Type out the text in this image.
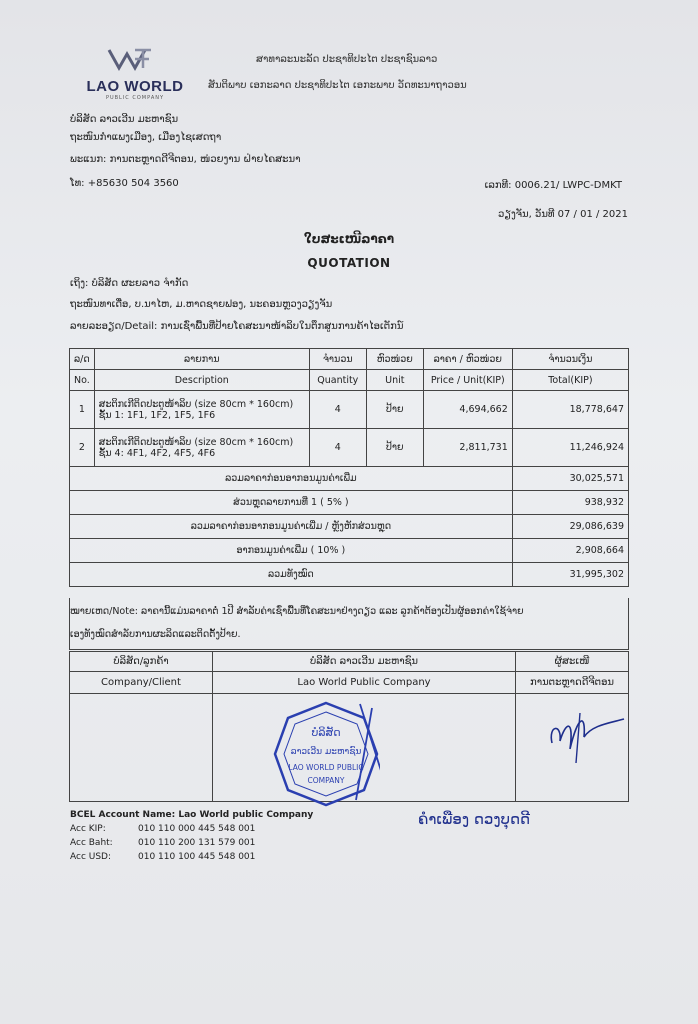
LAO WORLD
PUBLIC COMPANY
ສາທາລະນະລັດ ປະຊາທິປະໄຕ ປະຊາຊົນລາວ
ສັນຕິພາບ ເອກະລາດ ປະຊາທິປະໄຕ ເອກະພາບ ວັດທະນາຖາວອນ
ບໍລິສັດ ລາວເວີນ ມະຫາຊົນ
ຖະໜົນກໍາແພງເມືອງ, ເມືອງໄຊເສດຖາ
ພະແນກ: ການຕະຫຼາດດີຈີຕອນ, ໜ່ວຍງານ ຝ່າຍໄຄສະນາ
ໂທ: +85630 504 3560	ເລກທີ: 0006.21/ LWPC-DMKT
ວຽງຈັນ, ວັນທີ 07 / 01 / 2021
ໃບສະເໜີລາຄາ
QUOTATION
ເຖິງ: ບໍລິສັດ ຜະຍລາວ ຈໍາກັດ
ຖະໜົນທາເດື່ອ, ບ.ນາໄຫ, ມ.ຫາດຊາຍຟອງ, ນະຄອນຫຼວງວຽງຈັນ
ລາຍລະອຽດ/Detail: ການເຊົ່າພື້ນທີ່ປ້າຍໂຄສະນາໜ້າລິບໃນຕຶກສູນການຄ້າໄອເຕັກນ໌
ລ/ດ	ລາຍການ	ຈໍານວນ	ຫົວໜ່ວຍ	ລາຄາ / ຫົວໜ່ວຍ	ຈໍານວນເງິນ
No.	Description	Quantity	Unit	Price / Unit(KIP)	Total(KIP)
1	ສະຕິກເກີຕິດປະຕູໜ້າລິບ (size 80cm * 160cm)
ຊັ້ນ 1: 1F1, 1F2, 1F5, 1F6	4	ປ້າຍ	4,694,662	18,778,647
2	ສະຕິກເກີຕິດປະຕູໜ້າລິບ (size 80cm * 160cm)
ຊັ້ນ 4: 4F1, 4F2, 4F5, 4F6	4	ປ້າຍ	2,811,731	11,246,924
ລວມລາຄາກ່ອນອາກອນມູນຄ່າເພີ່ມ					30,025,571
ສ່ວນຫຼຸດລາຍການທີ່ 1 ( 5% )					938,932
ລວມລາຄາກ່ອນອາກອນມູນຄ່າເພີ່ມ / ຫຼັງຫັກສ່ວນຫຼຸດ					29,086,639
ອາກອນມູນຄ່າເພີ່ມ ( 10% )					2,908,664
ລວມທັງໝົດ					31,995,302
ໝາຍເຫດ/Note: ລາຄານີ້ແມ່ນລາຄາຕໍ່ 1ປີ ສໍາລັບຄ່າເຊົ່າພື້ນທີ່ໂຄສະນາຢ່າງດຽວ ແລະ ລູກຄ້າຕ້ອງເປັນຜູ້ອອກຄ່າໃຊ້ຈ່າຍ
ເອງທັງໝົດສໍາລັບການຜະລິດແລະຕິດຕັ້ງປ້າຍ.
ບໍລິສັດ/ລູກຄ້າ	ບໍລິສັດ ລາວເວີນ ມະຫາຊົນ	ຜູ້ສະເໜີ
Company/Client	Lao World Public Company	ການຕະຫຼາດດີຈີຕອນ

ບໍລິສັດ
ລາວເວີນ ມະຫາຊົນ
LAO WORLD PUBLIC
COMPANY
BCEL Account Name: Lao World public Company
Acc KIP:	010 110 000 445 548 001
Acc Baht:	010 110 200 131 579 001
Acc USD:	010 110 100 445 548 001
ຄໍາເພືອງ ດວງບຸດດີ
